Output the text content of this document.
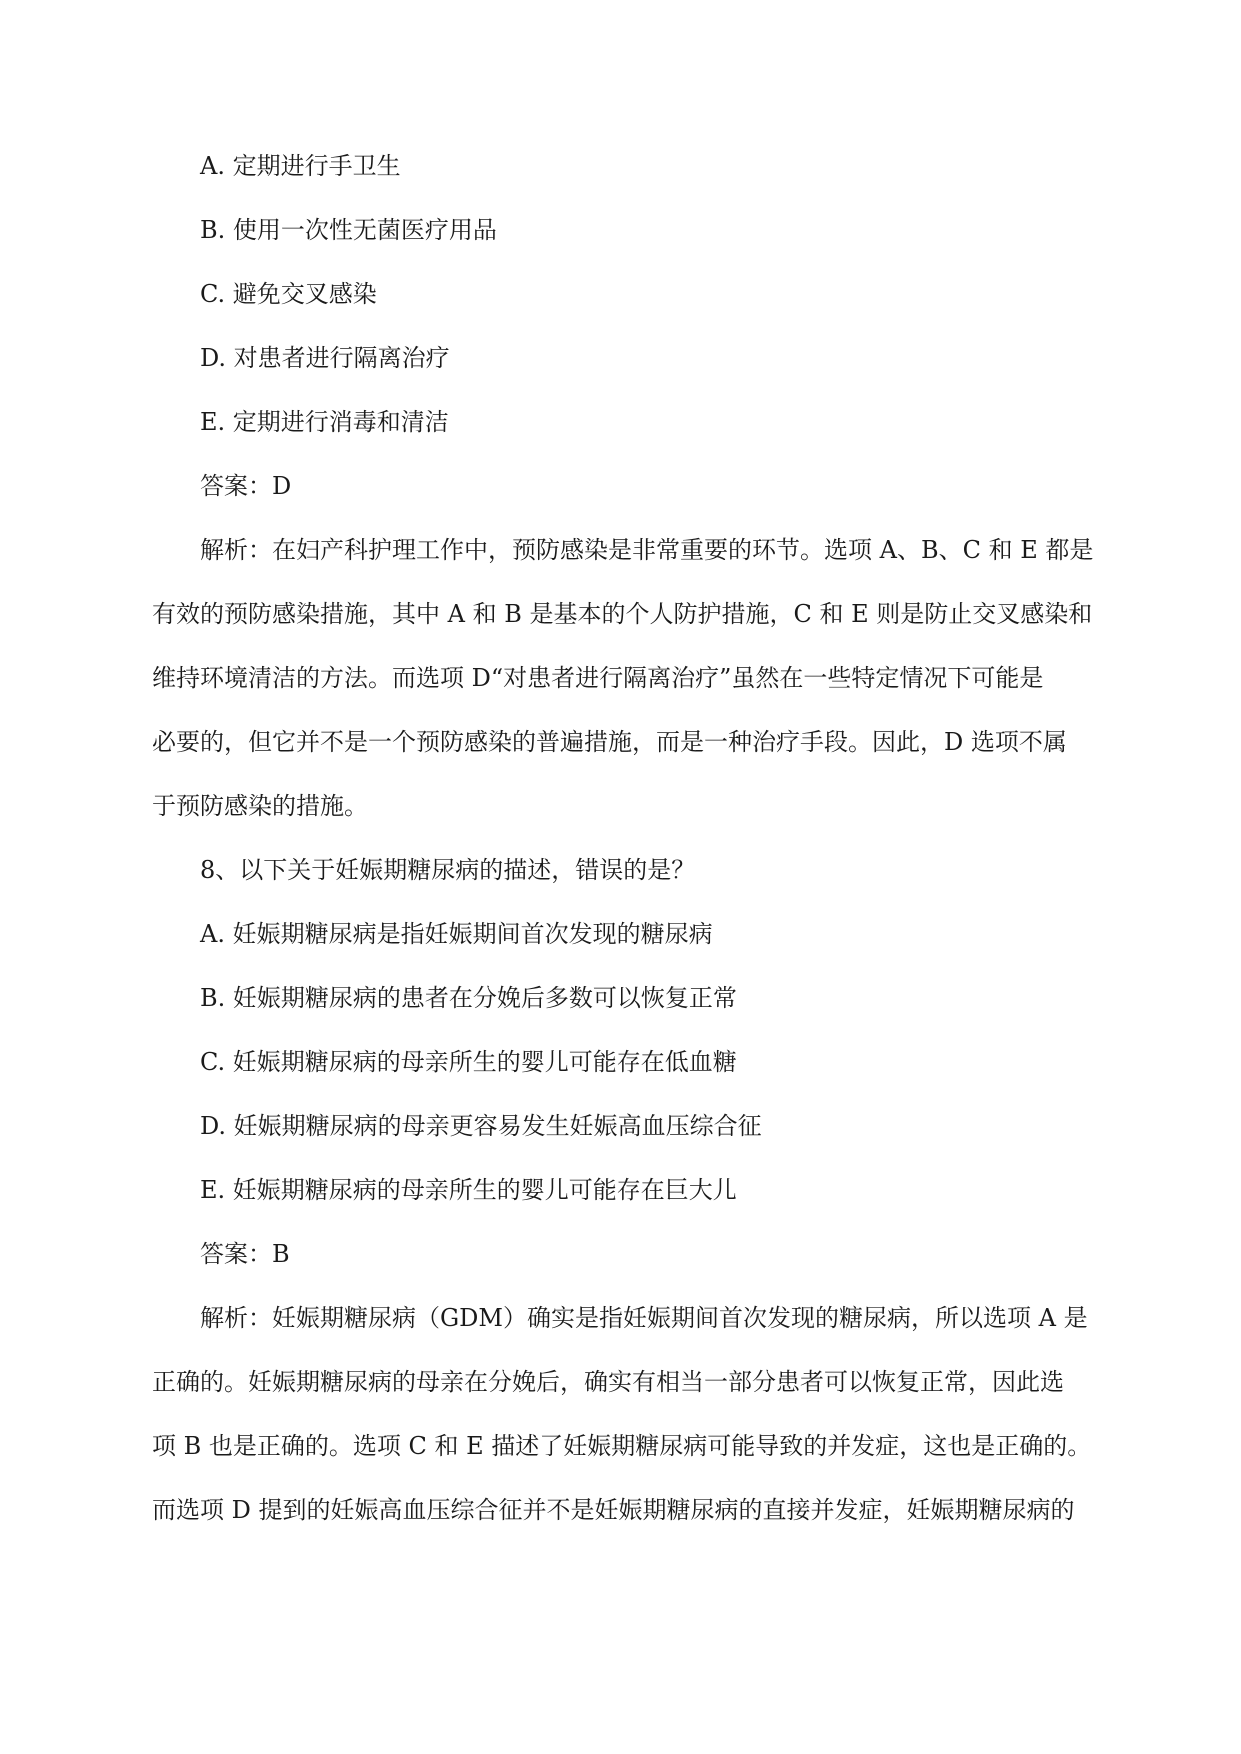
A. 定期进行手卫生
B. 使用一次性无菌医疗用品
C. 避免交叉感染
D. 对患者进行隔离治疗
E. 定期进行消毒和清洁
答案：D
解析：在妇产科护理工作中，预防感染是非常重要的环节。选项 A、B、C 和 E 都是
有效的预防感染措施，其中 A 和 B 是基本的个人防护措施，C 和 E 则是防止交叉感染和
维持环境清洁的方法。而选项 D“对患者进行隔离治疗”虽然在一些特定情况下可能是
必要的，但它并不是一个预防感染的普遍措施，而是一种治疗手段。因此，D 选项不属
于预防感染的措施。
8、以下关于妊娠期糖尿病的描述，错误的是？
A. 妊娠期糖尿病是指妊娠期间首次发现的糖尿病
B. 妊娠期糖尿病的患者在分娩后多数可以恢复正常
C. 妊娠期糖尿病的母亲所生的婴儿可能存在低血糖
D. 妊娠期糖尿病的母亲更容易发生妊娠高血压综合征
E. 妊娠期糖尿病的母亲所生的婴儿可能存在巨大儿
答案：B
解析：妊娠期糖尿病（GDM）确实是指妊娠期间首次发现的糖尿病，所以选项 A 是
正确的。妊娠期糖尿病的母亲在分娩后，确实有相当一部分患者可以恢复正常，因此选
项 B 也是正确的。选项 C 和 E 描述了妊娠期糖尿病可能导致的并发症，这也是正确的。
而选项 D 提到的妊娠高血压综合征并不是妊娠期糖尿病的直接并发症，妊娠期糖尿病的
